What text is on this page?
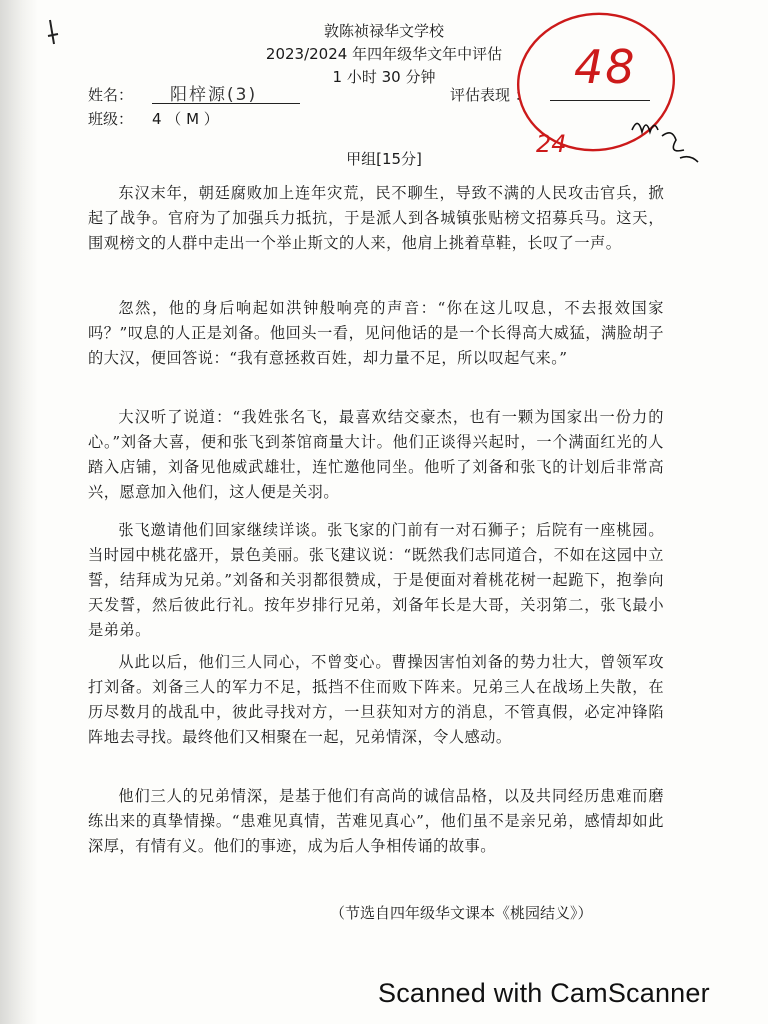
敦陈祯禄华文学校
2023/2024 年四年级华文年中评估
1 小时 30 分钟
姓名： 阳梓源(3)
班级： 4 （ M ）
评估表现 ：
48
24
甲组[15分]
东汉末年，朝廷腐败加上连年灾荒，民不聊生，导致不满的人民攻击官兵，掀起了战争。官府为了加强兵力抵抗，于是派人到各城镇张贴榜文招募兵马。这天，围观榜文的人群中走出一个举止斯文的人来，他肩上挑着草鞋，长叹了一声。
忽然，他的身后响起如洪钟般响亮的声音：“你在这儿叹息，不去报效国家吗？”叹息的人正是刘备。他回头一看，见问他话的是一个长得高大威猛，满脸胡子的大汉，便回答说：“我有意拯救百姓，却力量不足，所以叹起气来。”
大汉听了说道：“我姓张名飞，最喜欢结交豪杰，也有一颗为国家出一份力的心。”刘备大喜，便和张飞到茶馆商量大计。他们正谈得兴起时，一个满面红光的人踏入店铺，刘备见他威武雄壮，连忙邀他同坐。他听了刘备和张飞的计划后非常高兴，愿意加入他们，这人便是关羽。
张飞邀请他们回家继续详谈。张飞家的门前有一对石狮子；后院有一座桃园。当时园中桃花盛开，景色美丽。张飞建议说：“既然我们志同道合，不如在这园中立誓，结拜成为兄弟。”刘备和关羽都很赞成，于是便面对着桃花树一起跪下，抱拳向天发誓，然后彼此行礼。按年岁排行兄弟，刘备年长是大哥，关羽第二，张飞最小是弟弟。
从此以后，他们三人同心，不曾变心。曹操因害怕刘备的势力壮大，曾领军攻打刘备。刘备三人的军力不足，抵挡不住而败下阵来。兄弟三人在战场上失散，在历尽数月的战乱中，彼此寻找对方，一旦获知对方的消息，不管真假，必定冲锋陷阵地去寻找。最终他们又相聚在一起，兄弟情深，令人感动。
他们三人的兄弟情深，是基于他们有高尚的诚信品格，以及共同经历患难而磨练出来的真挚情操。“患难见真情，苦难见真心”，他们虽不是亲兄弟，感情却如此深厚，有情有义。他们的事迹，成为后人争相传诵的故事。
（节选自四年级华文课本《桃园结义》）
Scanned with CamScanner
